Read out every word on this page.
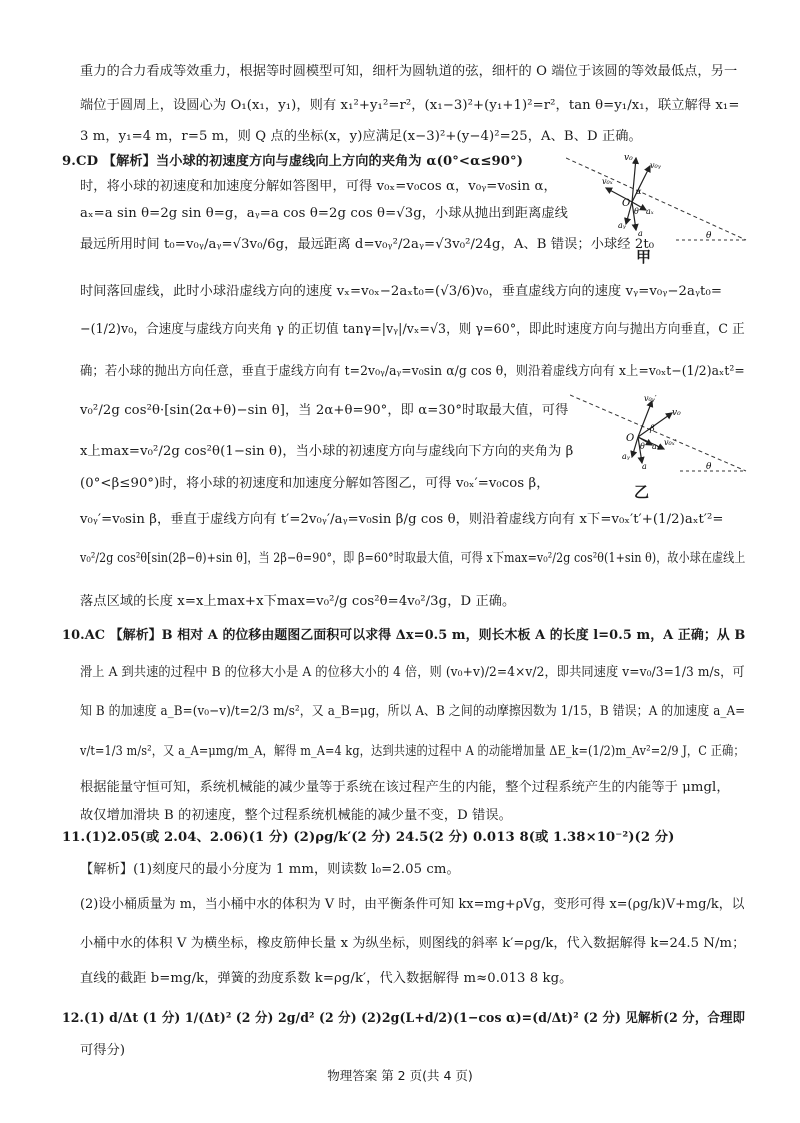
重力的合力看成等效重力，根据等时圆模型可知，细杆为圆轨道的弦，细杆的 O 端位于该圆的等效最低点，另一
端位于圆周上，设圆心为 O₁(x₁，y₁)，则有 x₁²+y₁²=r²，(x₁−3)²+(y₁+1)²=r²，tan θ=y₁/x₁，联立解得 x₁=
3 m，y₁=4 m，r=5 m，则 Q 点的坐标(x，y)应满足(x−3)²+(y−4)²=25，A、B、D 正确。
9.CD 【解析】当小球的初速度方向与虚线向上方向的夹角为 α(0°<α≤90°)
时，将小球的初速度和加速度分解如答图甲，可得 v₀ₓ=v₀cos α，v₀ᵧ=v₀sin α，
aₓ=a sin θ=2g sin θ=g，aᵧ=a cos θ=2g cos θ=√3g，小球从抛出到距离虚线
最远所用时间 t₀=v₀ᵧ/aᵧ=√3v₀/6g，最远距离 d=v₀ᵧ²/2aᵧ=√3v₀²/24g，A、B 错误；小球经 2t₀
时间落回虚线，此时小球沿虚线方向的速度 vₓ=v₀ₓ−2aₓt₀=(√3/6)v₀，垂直虚线方向的速度 vᵧ=v₀ᵧ−2aᵧt₀=
−(1/2)v₀，合速度与虚线方向夹角 γ 的正切值 tanγ=|vᵧ|/vₓ=√3，则 γ=60°，即此时速度方向与抛出方向垂直，C 正
确；若小球的抛出方向任意，垂直于虚线方向有 t=2v₀ᵧ/aᵧ=v₀sin α/g cos θ，则沿着虚线方向有 x上=v₀ₓt−(1/2)aₓt²=
v₀²/2g cos²θ·[sin(2α+θ)−sin θ]，当 2α+θ=90°，即 α=30°时取最大值，可得
x上max=v₀²/2g cos²θ(1−sin θ)，当小球的初速度方向与虚线向下方向的夹角为 β
(0°<β≤90°)时，将小球的初速度和加速度分解如答图乙，可得 v₀ₓ′=v₀cos β，
v₀ᵧ′=v₀sin β，垂直于虚线方向有 t′=2v₀ᵧ′/aᵧ=v₀sin β/g cos θ，则沿着虚线方向有 x下=v₀ₓ′t′+(1/2)aₓt′²=
v₀²/2g cos²θ[sin(2β−θ)+sin θ]，当 2β−θ=90°，即 β=60°时取最大值，可得 x下max=v₀²/2g cos²θ(1+sin θ)，故小球在虚线上
落点区域的长度 x=x上max+x下max=v₀²/g cos²θ=4v₀²/3g，D 正确。
10.AC 【解析】B 相对 A 的位移由题图乙面积可以求得 Δx=0.5 m，则长木板 A 的长度 l=0.5 m，A 正确；从 B
滑上 A 到共速的过程中 B 的位移大小是 A 的位移大小的 4 倍，则 (v₀+v)/2=4×v/2，即共同速度 v=v₀/3=1/3 m/s，可
知 B 的加速度 a_B=(v₀−v)/t=2/3 m/s²，又 a_B=μg，所以 A、B 之间的动摩擦因数为 1/15，B 错误；A 的加速度 a_A=
v/t=1/3 m/s²，又 a_A=μmg/m_A，解得 m_A=4 kg，达到共速的过程中 A 的动能增加量 ΔE_k=(1/2)m_Av²=2/9 J，C 正确；
根据能量守恒可知，系统机械能的减少量等于系统在该过程产生的内能，整个过程系统产生的内能等于 μmgl，
故仅增加滑块 B 的初速度，整个过程系统机械能的减少量不变，D 错误。
11.(1)2.05(或 2.04、2.06)(1 分) (2)ρg/k′(2 分) 24.5(2 分) 0.013 8(或 1.38×10⁻²)(2 分)
【解析】(1)刻度尺的最小分度为 1 mm，则读数 l₀=2.05 cm。
(2)设小桶质量为 m，当小桶中水的体积为 V 时，由平衡条件可知 kx=mg+ρVg，变形可得 x=(ρg/k)V+mg/k，以
小桶中水的体积 V 为横坐标，橡皮筋伸长量 x 为纵坐标，则图线的斜率 k′=ρg/k，代入数据解得 k=24.5 N/m；
直线的截距 b=mg/k，弹簧的劲度系数 k=ρg/k′，代入数据解得 m≈0.013 8 kg。
12.(1) d/Δt (1 分) 1/(Δt)² (2 分) 2g/d² (2 分) (2)2g(L+d/2)(1−cos α)=(d/Δt)² (2 分) 见解析(2 分，合理即
可得分)
v₀
v₀ᵧ
v₀ₓ
O
α
θ aₓ
aᵧ
a	θ
甲
v₀ᵧ′
v₀
v₀ₓ′
O
β
θ aₓ
aᵧ
a	θ
乙
物理答案 第 2 页(共 4 页)
